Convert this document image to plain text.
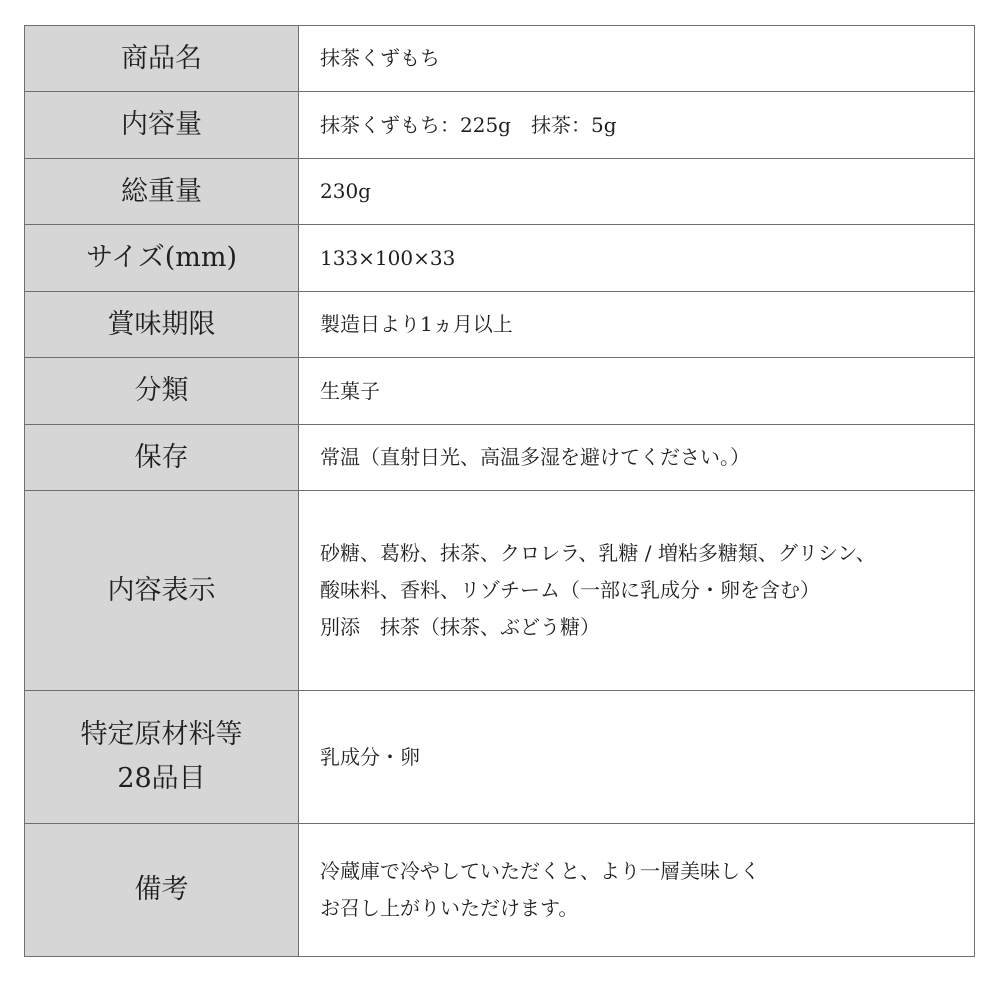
商品名	抹茶くずもち

内容量	抹茶くずもち：225g　抹茶：5g

総重量	230g

サイズ(mm)	133×100×33

賞味期限	製造日より1ヵ月以上

分類	生菓子

保存	常温（直射日光、高温多湿を避けてください。）

内容表示	砂糖、葛粉、抹茶、クロレラ、乳糖 / 増粘多糖類、グリシン、
酸味料、香料、リゾチーム（一部に乳成分・卵を含む）
別添　抹茶（抹茶、ぶどう糖）

特定原材料等
28品目	乳成分・卵

備考	冷蔵庫で冷やしていただくと、より一層美味しく
お召し上がりいただけます。
